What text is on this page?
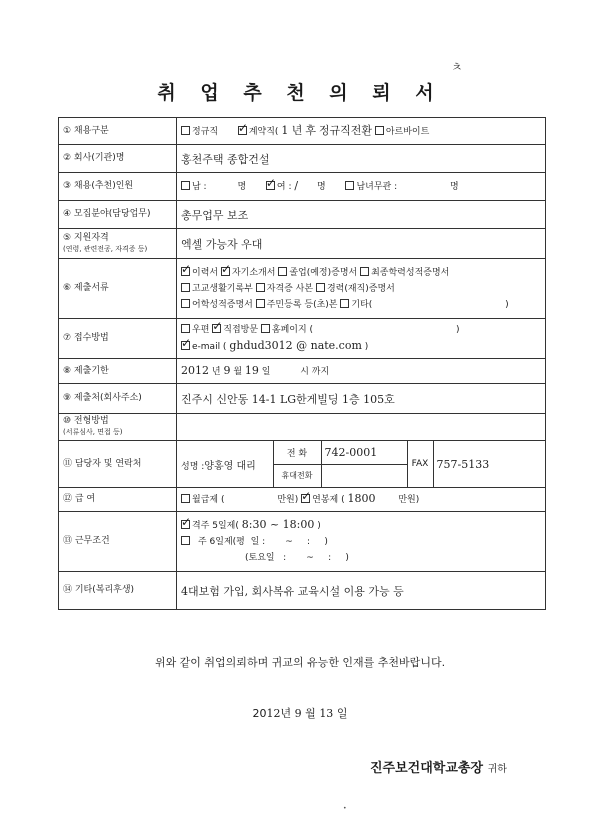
취 업 추 천 의 뢰 서
ㅊ
① 채용구분	정규직 ✓	계약직( 1 년 후 정규직전환 아르바이트
② 회사(기관)명	홍천주택 종합건설
③ 채용(추천)인원	남 :	명 ✓	여 : / 명	남녀무관 :	명
④ 모집분야(담당업무)	총무업무 보조

⑤ 지원자격
(연령, 관련전공, 자격증 등)	엑셀 가능자 우대
⑥ 제출서류	
✓이력서 ✓ 자기소개서 졸업(예정)증명서 최종학력성적증명서
고교생활기록부 자격증 사본 경력(재직)증명서
어학성적증명서 주민등록 등(초)본 기타(	)

⑦ 접수방법	
우편 ✓ 직접방문 홈페이지 (	)
✓e-mail ( ghdud3012 @ nate.com )

⑧ 제출기한	2012 년 9 월 19 일	시 까지
⑨ 제출처(회사주소)	진주시 신안동 14-1 LG한게빌딩 1층 105호

⑩ 전형방법
(서류심사, 면접 등)

⑪ 담당자 및 연락처		성명 :양홍영 대리	전 화	742-0001	FAX	757-5133
휴대전화	

⑫ 급 여	월급제 (	만원) ✓ 연봉제 ( 1800	만원)
⑬ 근무조건	
✓격주 5일제( 8:30 ~ 18:00 )
주 6일제(평  일 :       ~     :     )
(토요일   :       ~     :     )

⑭ 기타(복리후생)	4대보험 가입, 회사복유 교육시설 이용 가능 등
위와 같이 취업의뢰하며 귀교의 유능한 인재를 추천바랍니다.
2012년 9 월 13 일
진주보건대학교총장 귀하
•
